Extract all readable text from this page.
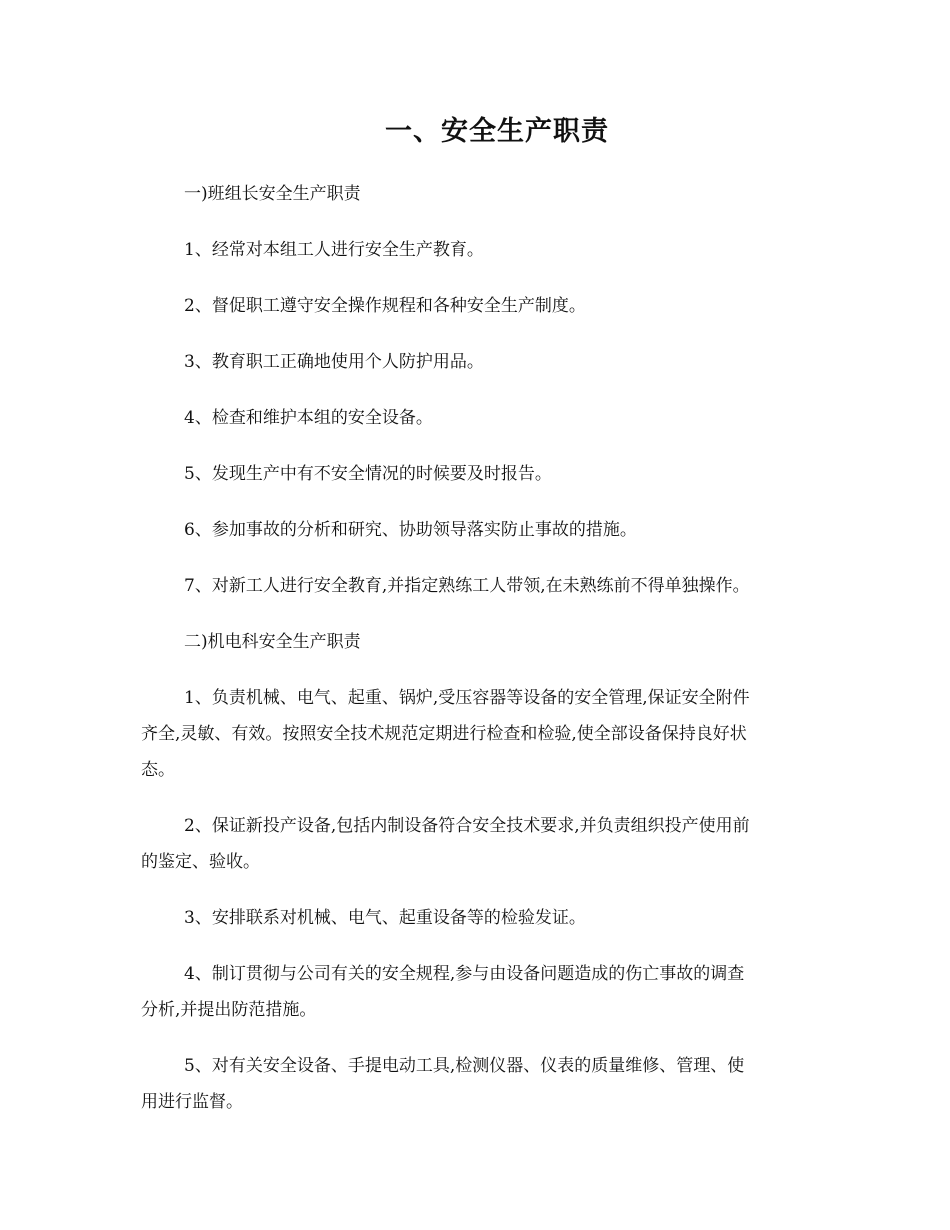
一、安全生产职责

一)班组长安全生产职责

1、经常对本组工人进行安全生产教育。

2、督促职工遵守安全操作规程和各种安全生产制度。

3、教育职工正确地使用个人防护用品。

4、检查和维护本组的安全设备。

5、发现生产中有不安全情况的时候要及时报告。

6、参加事故的分析和研究、协助领导落实防止事故的措施。

7、对新工人进行安全教育,并指定熟练工人带领,在未熟练前不得单独操作。

二)机电科安全生产职责

1、负责机械、电气、起重、锅炉,受压容器等设备的安全管理,保证安全附件

齐全,灵敏、有效。按照安全技术规范定期进行检查和检验,使全部设备保持良好状

态。

2、保证新投产设备,包括内制设备符合安全技术要求,并负责组织投产使用前

的鉴定、验收。

3、安排联系对机械、电气、起重设备等的检验发证。

4、制订贯彻与公司有关的安全规程,参与由设备问题造成的伤亡事故的调查

分析,并提出防范措施。

5、对有关安全设备、手提电动工具,检测仪器、仪表的质量维修、管理、使

用进行监督。
